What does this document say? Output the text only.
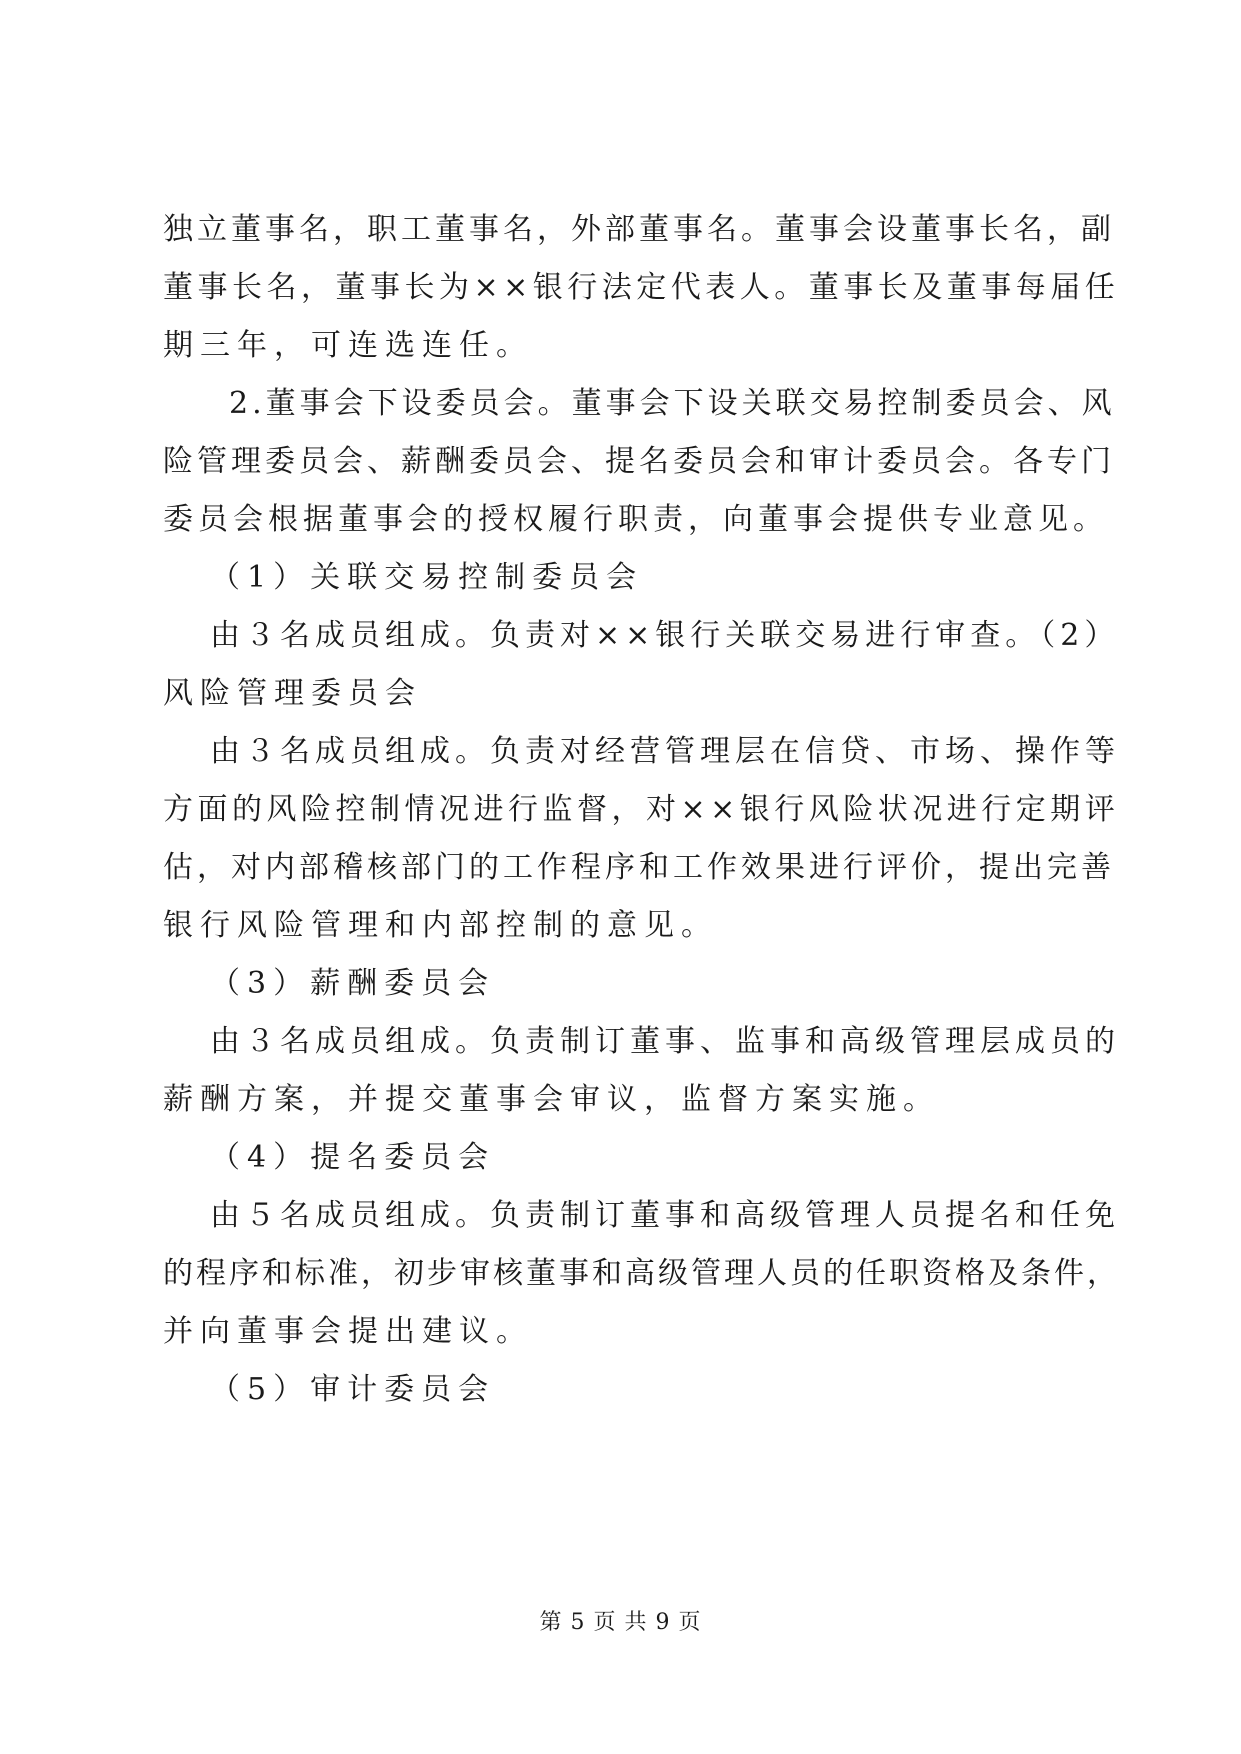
独立董事名，职工董事名，外部董事名。董事会设董事长名，副
董事长名，董事长为××银行法定代表人。董事长及董事每届任
期三年，可连选连任。
2.董事会下设委员会。董事会下设关联交易控制委员会、风
险管理委员会、薪酬委员会、提名委员会和审计委员会。各专门
委员会根据董事会的授权履行职责，向董事会提供专业意见。
（1）关联交易控制委员会
由３名成员组成。负责对××银行关联交易进行审查。（2）
风险管理委员会
由３名成员组成。负责对经营管理层在信贷、市场、操作等
方面的风险控制情况进行监督，对××银行风险状况进行定期评
估，对内部稽核部门的工作程序和工作效果进行评价，提出完善
银行风险管理和内部控制的意见。
（3）薪酬委员会
由３名成员组成。负责制订董事、监事和高级管理层成员的
薪酬方案，并提交董事会审议，监督方案实施。
（4）提名委员会
由５名成员组成。负责制订董事和高级管理人员提名和任免
的程序和标准，初步审核董事和高级管理人员的任职资格及条件，
并向董事会提出建议。
（5）审计委员会
第 5 页 共 9 页
